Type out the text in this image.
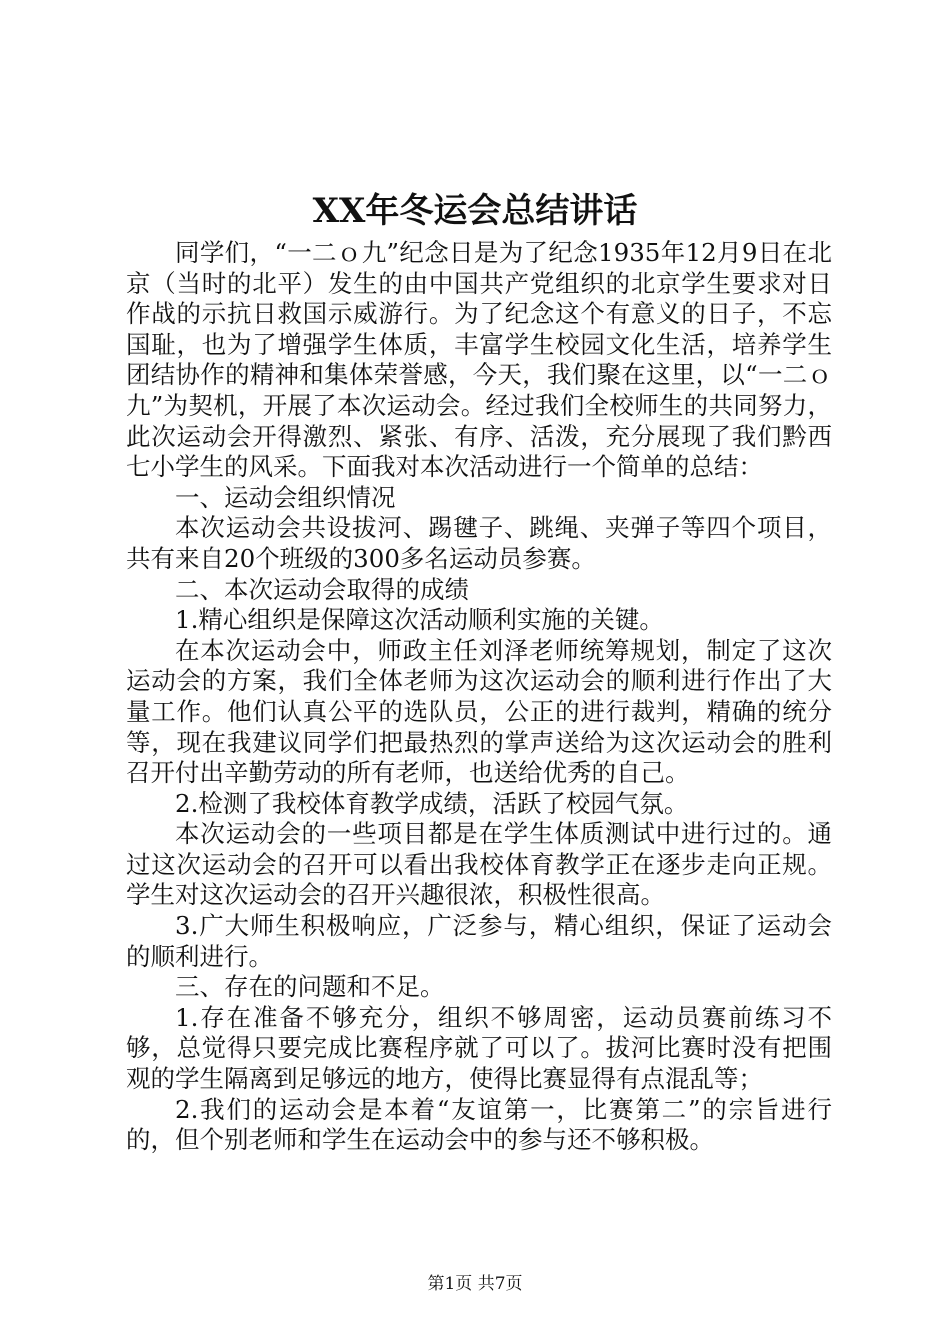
XX年冬运会总结讲话

同学们，“一二ｏ九”纪念日是为了纪念1935年12月9日在北京（当时的北平）发生的由中国共产党组织的北京学生要求对日作战的示抗日救国示威游行。为了纪念这个有意义的日子，不忘国耻，也为了增强学生体质，丰富学生校园文化生活，培养学生团结协作的精神和集体荣誉感，今天，我们聚在这里，以“一二ｏ九”为契机，开展了本次运动会。经过我们全校师生的共同努力，此次运动会开得激烈、紧张、有序、活泼，充分展现了我们黔西七小学生的风采。下面我对本次活动进行一个简单的总结：

一、运动会组织情况

本次运动会共设拔河、踢毽子、跳绳、夹弹子等四个项目，共有来自20个班级的300多名运动员参赛。

二、本次运动会取得的成绩

1.精心组织是保障这次活动顺利实施的关键。

在本次运动会中，师政主任刘泽老师统筹规划，制定了这次运动会的方案，我们全体老师为这次运动会的顺利进行作出了大量工作。他们认真公平的选队员，公正的进行裁判，精确的统分等，现在我建议同学们把最热烈的掌声送给为这次运动会的胜利召开付出辛勤劳动的所有老师，也送给优秀的自己。

2.检测了我校体育教学成绩，活跃了校园气氛。

本次运动会的一些项目都是在学生体质测试中进行过的。通过这次运动会的召开可以看出我校体育教学正在逐步走向正规。学生对这次运动会的召开兴趣很浓，积极性很高。

3.广大师生积极响应，广泛参与，精心组织，保证了运动会的顺利进行。

三、存在的问题和不足。

1.存在准备不够充分，组织不够周密，运动员赛前练习不够，总觉得只要完成比赛程序就了可以了。拔河比赛时没有把围观的学生隔离到足够远的地方，使得比赛显得有点混乱等；

2.我们的运动会是本着“友谊第一，比赛第二”的宗旨进行的，但个别老师和学生在运动会中的参与还不够积极。

第1页 共7页
